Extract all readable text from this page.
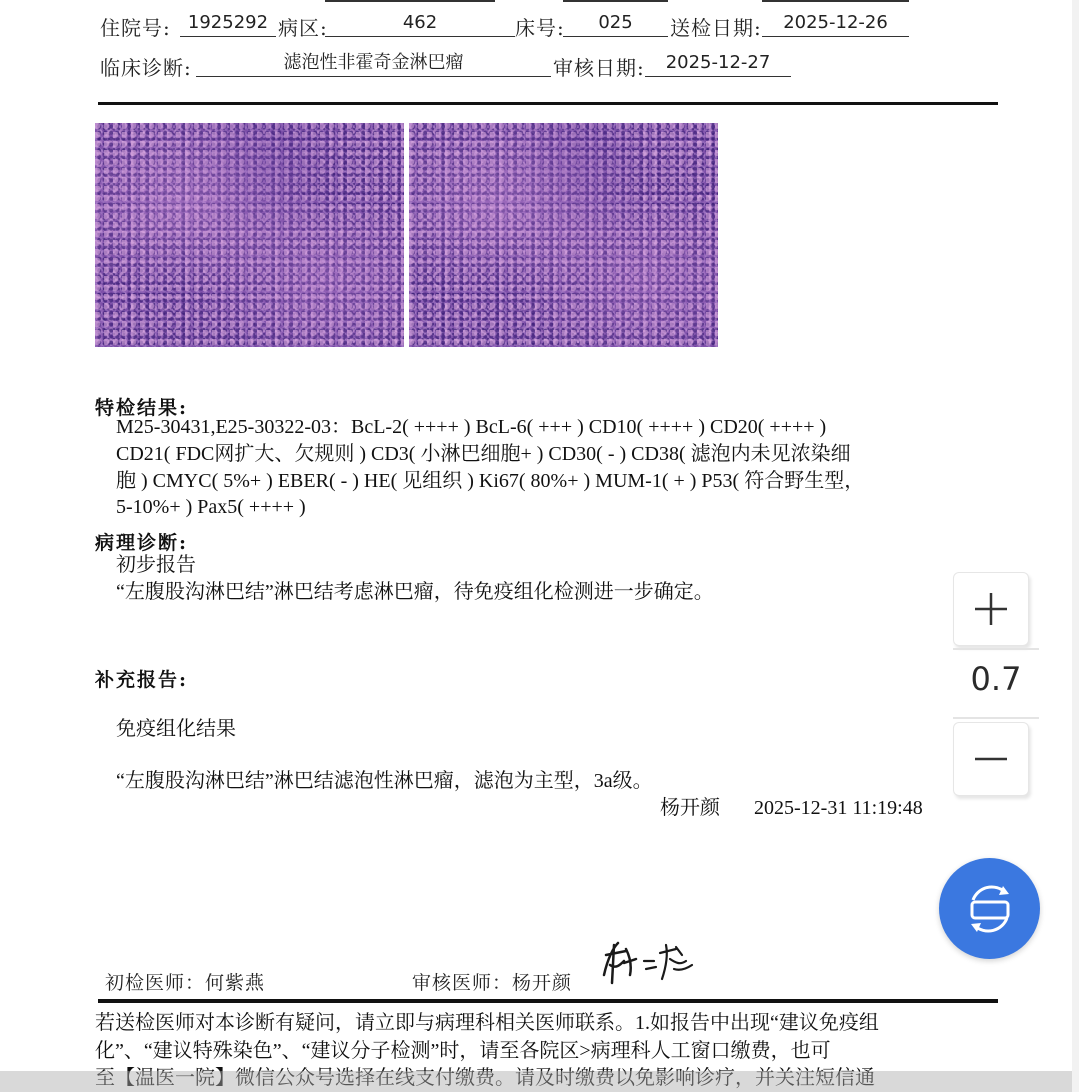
住院号: 1925292 病区:	462	床号:	025	送检日期:	2025-12-26
临床诊断:	滤泡性非霍奇金淋巴瘤	审核日期:	2025-12-27
特检结果:
M25-30431,E25-30322-03：BcL-2( ++++ ) BcL-6( +++ ) CD10( ++++ ) CD20( ++++ )
CD21( FDC网扩大、欠规则 ) CD3( 小淋巴细胞+ ) CD30( - ) CD38( 滤泡内未见浓染细
胞 ) CMYC( 5%+ ) EBER( - ) HE( 见组织 ) Ki67( 80%+ ) MUM-1( + ) P53( 符合野生型，
5-10%+ ) Pax5( ++++ )
病理诊断:
初步报告
“左腹股沟淋巴结”淋巴结考虑淋巴瘤，待免疫组化检测进一步确定。
补充报告:
免疫组化结果
“左腹股沟淋巴结”淋巴结滤泡性淋巴瘤，滤泡为主型，3a级。
杨开颜 2025-12-31 11:19:48
0.7
初检医师：何紫燕	审核医师：杨开颜
若送检医师对本诊断有疑问，请立即与病理科相关医师联系。1.如报告中出现“建议免疫组
化”、“建议特殊染色”、“建议分子检测”时，请至各院区>病理科人工窗口缴费，也可
至【温医一院】微信公众号选择在线支付缴费。请及时缴费以免影响诊疗，并关注短信通
